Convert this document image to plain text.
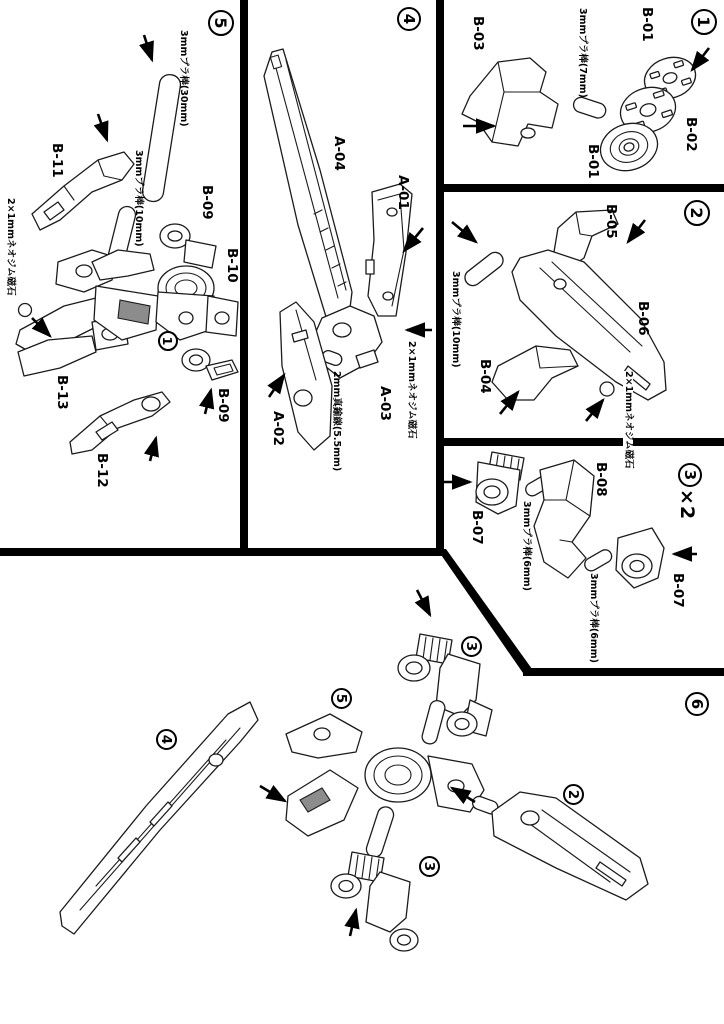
1
2
3
4
5
1
6
3
5
4
2
3
B-01
3mmプラ棒(7mm)
B-03
B-02
B-01
B-05
3mmプラ棒(10mm)	B-06
B-04	2×1mmネオジム磁石
×2
B-08
B-07	3mmプラ棒(6mm)
3mmプラ棒(6mm)	B-07
A-04
A-01
2×1mmネオジム磁石
A-03
2mm真鍮線(5.5mm)
A-02
3mmプラ棒(30mm)
B-11	3mmプラ棒(10mm)	B-09
2×1mmネオジム磁石	B-10
B-13	B-09
B-12
